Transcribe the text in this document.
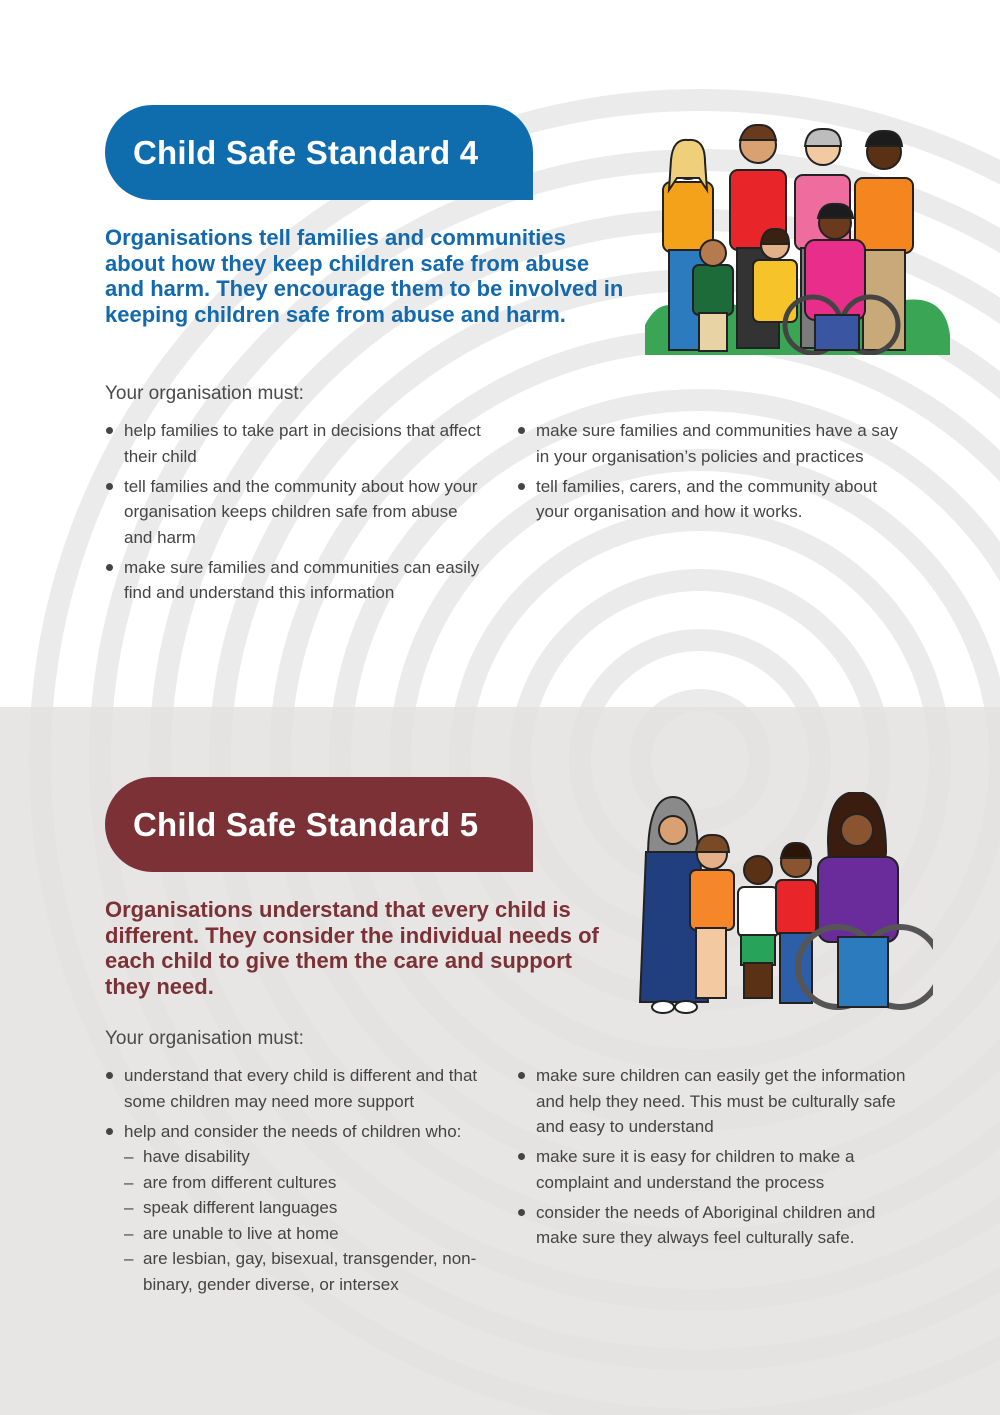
Child Safe Standard 4

Organisations tell families and communities about how they keep children safe from abuse and harm. They encourage them to be involved in keeping children safe from abuse and harm.

Your organisation must:
help families to take part in decisions that affect their child
tell families and the community about how your organisation keeps children safe from abuse and harm
make sure families and communities can easily find and understand this information
make sure families and communities have a say in your organisation’s policies and practices
tell families, carers, and the community about your organisation and how it works.
Child Safe Standard 5

Organisations understand that every child is different. They consider the individual needs of each child to give them the care and support they need.

Your organisation must:
understand that every child is different and that some children may need more support
help and consider the needs of children who:
– have disability
– are from different cultures
– speak different languages
– are unable to live at home
– are lesbian, gay, bisexual, transgender, non-binary, gender diverse, or intersex
make sure children can easily get the information and help they need. This must be culturally safe and easy to understand
make sure it is easy for children to make a complaint and understand the process
consider the needs of Aboriginal children and make sure they always feel culturally safe.
